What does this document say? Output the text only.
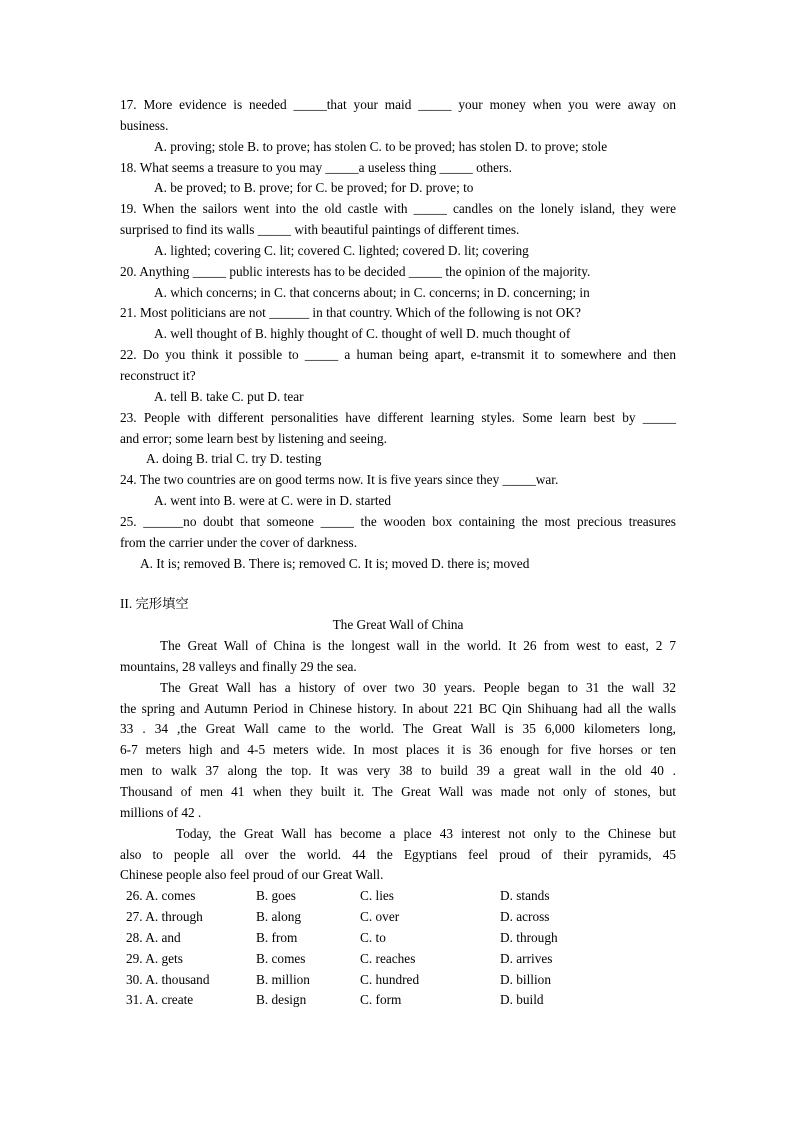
17. More evidence is needed _____that your maid _____ your money when you were away on
business.
A. proving; stole B. to prove; has stolen C. to be proved; has stolen D. to prove; stole
18. What seems a treasure to you may _____a useless thing _____ others.
A. be proved; to B. prove; for C. be proved; for D. prove; to
19. When the sailors went into the old castle with _____ candles on the lonely island, they were
surprised to find its walls _____ with beautiful paintings of different times.
A. lighted; covering C. lit; covered C. lighted; covered D. lit; covering
20. Anything _____ public interests has to be decided _____ the opinion of the majority.
A. which concerns; in C. that concerns about; in C. concerns; in D. concerning; in
21. Most politicians are not ______ in that country. Which of the following is not OK?
A. well thought of B. highly thought of C. thought of well D. much thought of
22. Do you think it possible to _____ a human being apart, e-transmit it to somewhere and then
reconstruct it?
A. tell B. take C. put D. tear
23. People with different personalities have different learning styles. Some learn best by _____
and error; some learn best by listening and seeing.
A. doing B. trial C. try D. testing
24. The two countries are on good terms now. It is five years since they _____war.
A. went into B. were at C. were in D. started
25. ______no doubt that someone _____ the wooden box containing the most precious treasures
from the carrier under the cover of darkness.
A. It is; removed B. There is; removed C. It is; moved D. there is; moved
II. 完形填空
The Great Wall of China
The Great Wall of China is the longest wall in the world. It 26 from west to east, 2 7
mountains, 28 valleys and finally 29 the sea.
The Great Wall has a history of over two 30 years. People began to 31 the wall 32
the spring and Autumn Period in Chinese history. In about 221 BC Qin Shihuang had all the walls
33 . 34 ,the Great Wall came to the world. The Great Wall is 35 6,000 kilometers long,
6-7 meters high and 4-5 meters wide. In most places it is 36 enough for five horses or ten
men to walk 37 along the top. It was very 38 to build 39 a great wall in the old 40 .
Thousand of men 41 when they built it. The Great Wall was made not only of stones, but
millions of 42 .
Today, the Great Wall has become a place 43 interest not only to the Chinese but
also to people all over the world. 44 the Egyptians feel proud of their pyramids, 45
Chinese people also feel proud of our Great Wall.
26. A. comes	B. goes	C. lies	D. stands
27. A. through	B. along	C. over	D. across
28. A. and	B. from	C. to	D. through
29. A. gets	B. comes	C. reaches	D. arrives
30. A. thousand	B. million	C. hundred	D. billion
31. A. create	B. design	C. form	D. build
